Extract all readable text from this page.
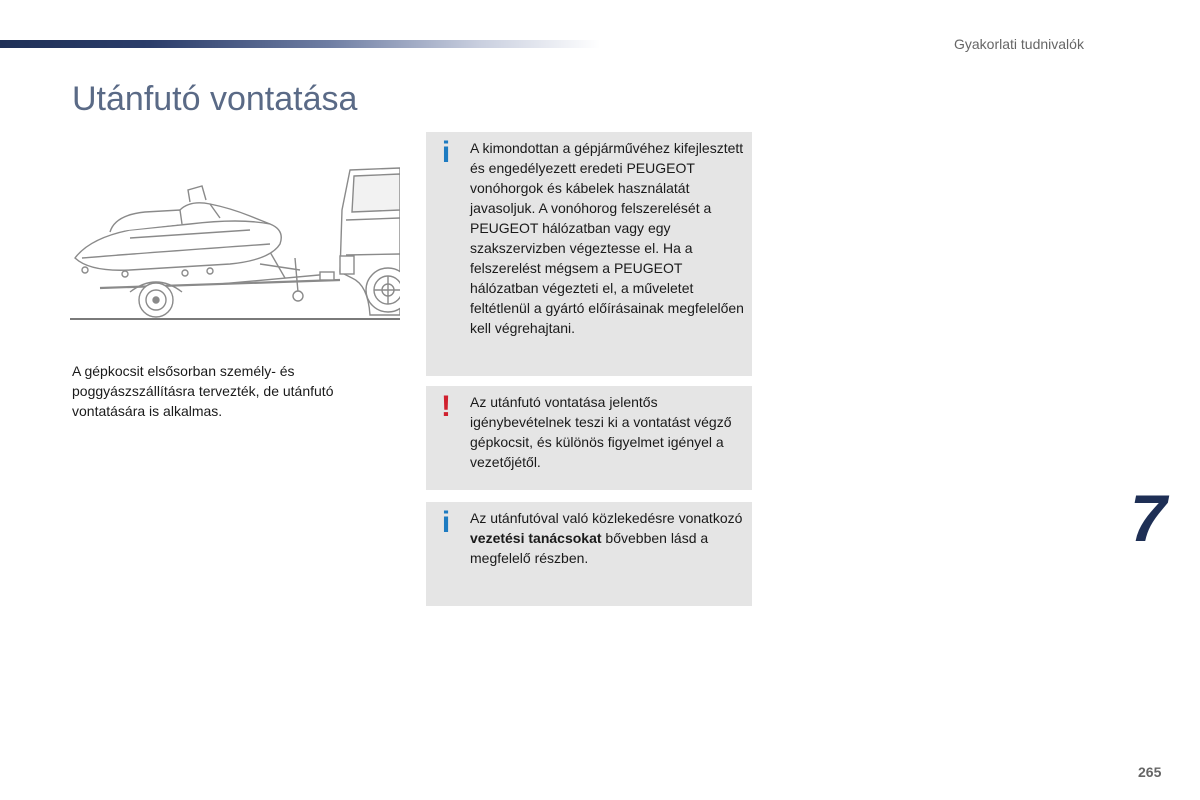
Gyakorlati tudnivalók
Utánfutó vontatása
A gépkocsit elsősorban személy- és poggyászszállításra tervezték, de utánfutó vontatására is alkalmas.
i	A kimondottan a gépjárművéhez kifejlesztett és engedélyezett eredeti PEUGEOT vonóhorgok és kábelek használatát javasoljuk. A vonóhorog felszerelését a PEUGEOT hálózatban vagy egy szakszervizben végeztesse el. Ha a felszerelést mégsem a PEUGEOT hálózatban végezteti el, a műveletet feltétlenül a gyártó előírásainak megfelelően kell végrehajtani.
!	Az utánfutó vontatása jelentős igénybevételnek teszi ki a vontatást végző gépkocsit, és különös figyelmet igényel a vezetőjétől.
i	Az utánfutóval való közlekedésre vonatkozó vezetési tanácsokat bővebben lásd a megfelelő részben.
7
265
